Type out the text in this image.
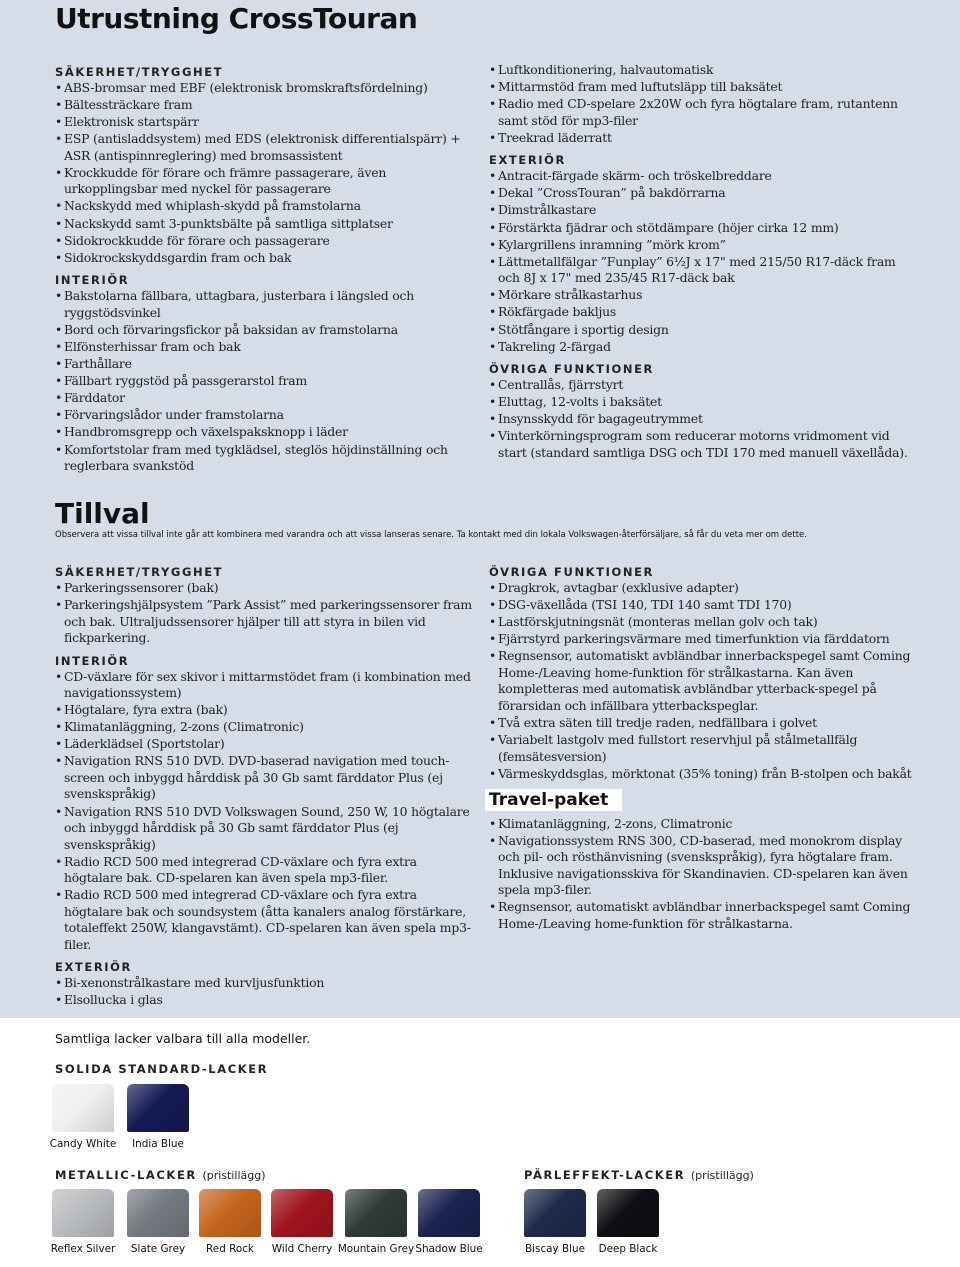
Utrustning CrossTouran
SÄKERHET/TRYGGHET
• ABS-bromsar med EBF (elektronisk bromskraftsfördelning)
• Bältessträckare fram
• Elektronisk startspärr
• ESP (antisladdsystem) med EDS (elektronisk differentialspärr) + ASR (antispinnreglering) med bromsassistent
• Krockkudde för förare och främre passagerare, även urkopplingsbar med nyckel för passagerare
• Nackskydd med whiplash-skydd på framstolarna
• Nackskydd samt 3-punktsbälte på samtliga sittplatser
• Sidokrockkudde för förare och passagerare
• Sidokrockskyddsgardin fram och bak
INTERIÖR
• Bakstolarna fällbara, uttagbara, justerbara i längsled och ryggstödsvinkel
• Bord och förvaringsfickor på baksidan av framstolarna
• Elfönsterhissar fram och bak
• Farthållare
• Fällbart ryggstöd på passgerarstol fram
• Färddator
• Förvaringslådor under framstolarna
• Handbromsgrepp och växelspaksknopp i läder
• Komfortstolar fram med tygklädsel, steglös höjdinställning och reglerbara svankstöd
• Luftkonditionering, halvautomatisk
• Mittarmstöd fram med luftutsläpp till baksätet
• Radio med CD-spelare 2x20W och fyra högtalare fram, rutantenn samt stöd för mp3-filer
• Treekrad läderratt
EXTERIÖR
• Antracit-färgade skärm- och tröskelbreddare
• Dekal ”CrossTouran” på bakdörrarna
• Dimstrålkastare
• Förstärkta fjädrar och stötdämpare (höjer cirka 12 mm)
• Kylargrillens inramning ”mörk krom”
• Lättmetallfälgar ”Funplay” 6½J x 17" med 215/50 R17-däck fram och 8J x 17" med 235/45 R17-däck bak
• Mörkare strålkastarhus
• Rökfärgade bakljus
• Stötfångare i sportig design
• Takreling 2-färgad
ÖVRIGA FUNKTIONER
• Centrallås, fjärrstyrt
• Eluttag, 12-volts i baksätet
• Insynsskydd för bagageutrymmet
• Vinterkörningsprogram som reducerar motorns vridmoment vid start (standard samtliga DSG och TDI 170 med manuell växellåda).
Tillval
Observera att vissa tillval inte går att kombinera med varandra och att vissa lanseras senare. Ta kontakt med din lokala Volkswagen-återförsäljare, så får du veta mer om dette.
SÄKERHET/TRYGGHET
• Parkeringssensorer (bak)
• Parkeringshjälpsystem ”Park Assist” med parkeringssensorer fram och bak. Ultraljudssensorer hjälper till att styra in bilen vid fickparkering.
INTERIÖR
• CD-växlare för sex skivor i mittarmstödet fram (i kombination med navigationssystem)
• Högtalare, fyra extra (bak)
• Klimatanläggning, 2-zons (Climatronic)
• Läderklädsel (Sportstolar)
• Navigation RNS 510 DVD. DVD-baserad navigation med touch-screen och inbyggd hårddisk på 30 Gb samt färddator Plus (ej svenskspråkig)
• Navigation RNS 510 DVD Volkswagen Sound, 250 W, 10 högtalare och inbyggd hårddisk på 30 Gb samt färddator Plus (ej svenskspråkig)
• Radio RCD 500 med integrerad CD-växlare och fyra extra högtalare bak. CD-spelaren kan även spela mp3-filer.
• Radio RCD 500 med integrerad CD-växlare och fyra extra högtalare bak och soundsystem (åtta kanalers analog förstärkare, totaleffekt 250W, klangavstämt). CD-spelaren kan även spela mp3-filer.
EXTERIÖR
• Bi-xenonstrålkastare med kurvljusfunktion
• Elsollucka i glas
ÖVRIGA FUNKTIONER
• Dragkrok, avtagbar (exklusive adapter)
• DSG-växellåda (TSI 140, TDI 140 samt TDI 170)
• Lastförskjutningsnät (monteras mellan golv och tak)
• Fjärrstyrd parkeringsvärmare med timerfunktion via färddatorn
• Regnsensor, automatiskt avbländbar innerbackspegel samt Coming Home-/Leaving home-funktion för strålkastarna. Kan även kompletteras med automatisk avbländbar ytterback-spegel på förarsidan och infällbara ytterbackspeglar.
• Två extra säten till tredje raden, nedfällbara i golvet
• Variabelt lastgolv med fullstort reservhjul på stålmetallfälg (femsätesversion)
• Värmeskyddsglas, mörktonat (35% toning) från B-stolpen och bakåt
Travel-paket
• Klimatanläggning, 2-zons, Climatronic
• Navigationssystem RNS 300, CD-baserad, med monokrom display och pil- och rösthänvisning (svenskspråkig), fyra högtalare fram. Inklusive navigationsskiva för Skandinavien. CD-spelaren kan även spela mp3-filer.
• Regnsensor, automatiskt avbländbar innerbackspegel samt Coming Home-/Leaving home-funktion för strålkastarna.
Samtliga lacker valbara till alla modeller.
SOLIDA STANDARD-LACKER
METALLIC-LACKER (pristillägg)	PÄRLEFFEKT-LACKER (pristillägg)
Candy White	India Blue
Reflex Silver	Slate Grey	Red Rock	Wild Cherry Mountain Grey Shadow Blue	Biscay Blue	Deep Black
